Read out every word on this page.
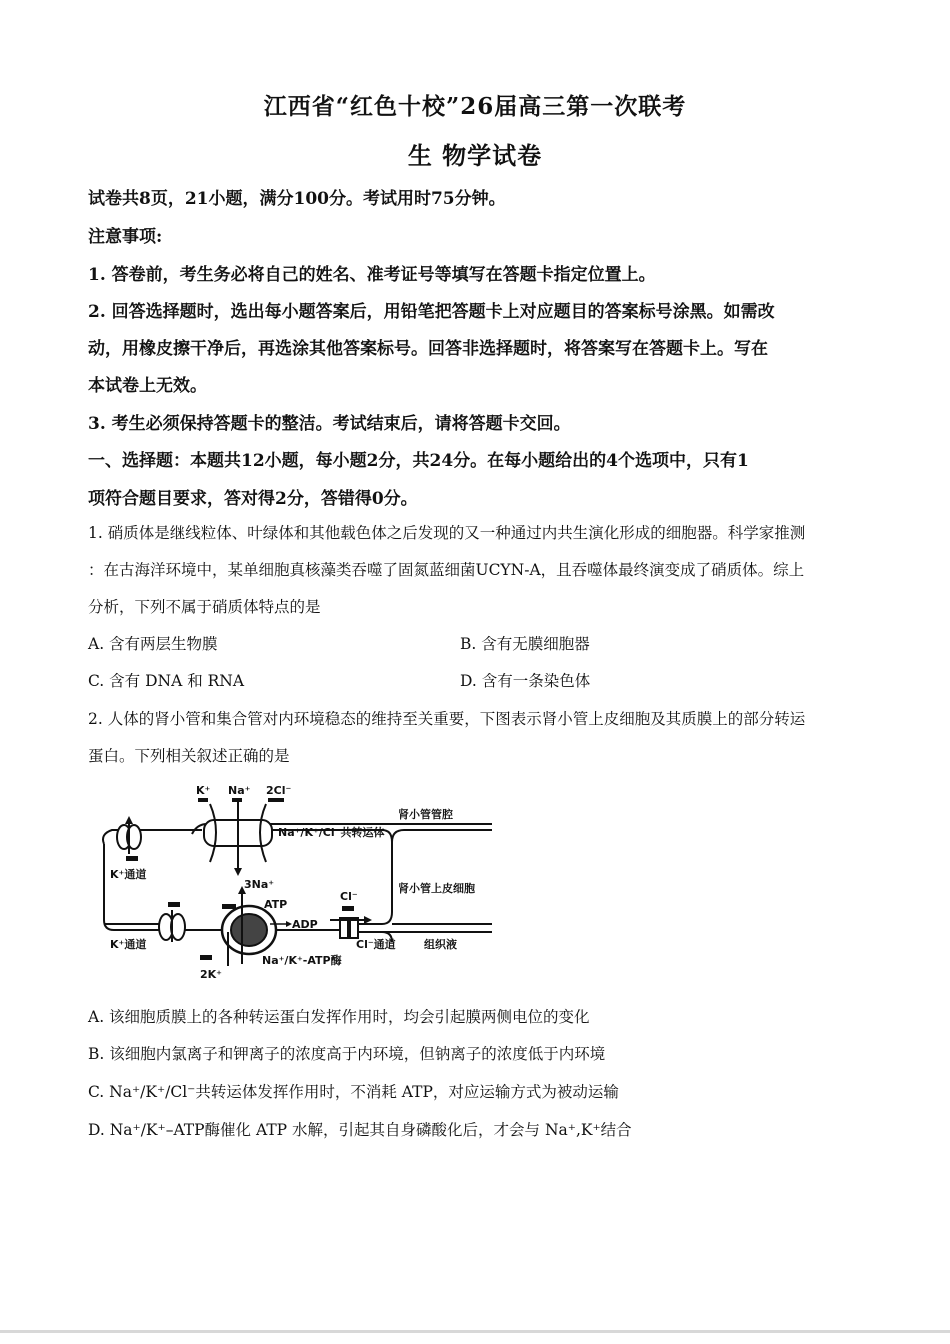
江西省“红色十校”26届高三第一次联考
生 物学试卷
试卷共8页，21小题，满分100分。考试用时75分钟。
注意事项:
1. 答卷前，考生务必将自己的姓名、准考证号等填写在答题卡指定位置上。
2. 回答选择题时，选出每小题答案后，用铅笔把答题卡上对应题目的答案标号涂黑。如需改
动，用橡皮擦干净后，再选涂其他答案标号。回答非选择题时，将答案写在答题卡上。写在
本试卷上无效。
3. 考生必须保持答题卡的整洁。考试结束后，请将答题卡交回。
一、选择题：本题共12小题，每小题2分，共24分。在每小题给出的4个选项中，只有1
项符合题目要求，答对得2分，答错得0分。
1. 硝质体是继线粒体、叶绿体和其他载色体之后发现的又一种通过内共生演化形成的细胞器。科学家推测
：在古海洋环境中，某单细胞真核藻类吞噬了固氮蓝细菌UCYN-A，且吞噬体最终演变成了硝质体。综上
分析，下列不属于硝质体特点的是
A. 含有两层生物膜	B. 含有无膜细胞器
C. 含有 DNA 和 RNA	D. 含有一条染色体
2. 人体的肾小管和集合管对内环境稳态的维持至关重要，下图表示肾小管上皮细胞及其质膜上的部分转运
蛋白。下列相关叙述正确的是
K⁺通道
K⁺ Na⁺ 2Cl⁻
Na⁺/K⁺/Cl⁻共转运体
肾小管管腔
肾小管上皮细胞
3Na⁺
ATP
ADP
2K⁺
Na⁺/K⁺-ATP酶
K⁺通道
Cl⁻
Cl⁻通道	组织液
A. 该细胞质膜上的各种转运蛋白发挥作用时，均会引起膜两侧电位的变化
B. 该细胞内氯离子和钾离子的浓度高于内环境，但钠离子的浓度低于内环境
C. Na⁺/K⁺/Cl⁻共转运体发挥作用时，不消耗 ATP，对应运输方式为被动运输
D. Na⁺/K⁺–ATP酶催化 ATP 水解，引起其自身磷酸化后，才会与 Na⁺,K⁺结合
